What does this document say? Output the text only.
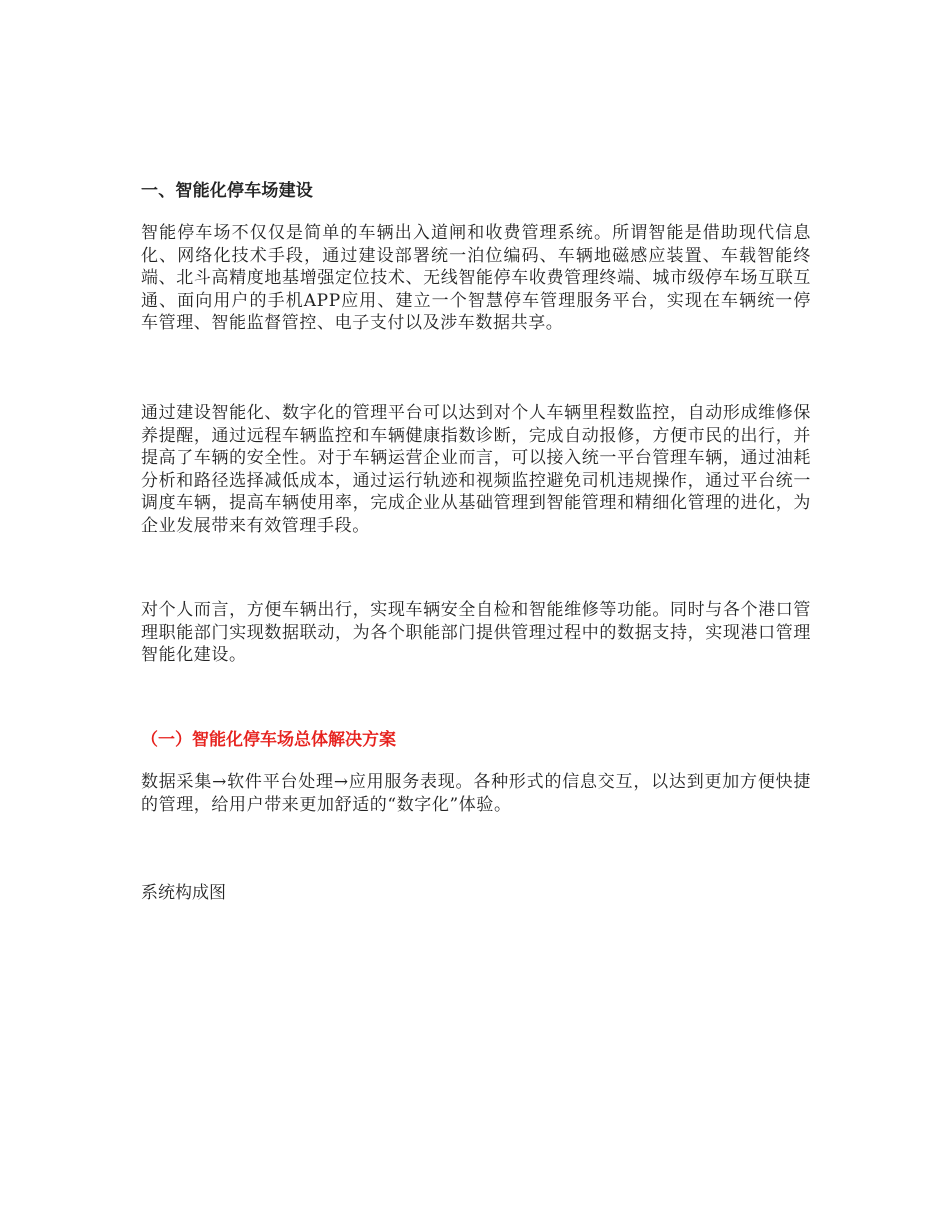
一、智能化停车场建设

智能停车场不仅仅是简单的车辆出入道闸和收费管理系统。所谓智能是借助现代信息化、网络化技术手段，通过建设部署统一泊位编码、车辆地磁感应装置、车载智能终端、北斗高精度地基增强定位技术、无线智能停车收费管理终端、城市级停车场互联互通、面向用户的手机APP应用、建立一个智慧停车管理服务平台，实现在车辆统一停车管理、智能监督管控、电子支付以及涉车数据共享。

通过建设智能化、数字化的管理平台可以达到对个人车辆里程数监控，自动形成维修保养提醒，通过远程车辆监控和车辆健康指数诊断，完成自动报修，方便市民的出行，并提高了车辆的安全性。对于车辆运营企业而言，可以接入统一平台管理车辆，通过油耗分析和路径选择减低成本，通过运行轨迹和视频监控避免司机违规操作，通过平台统一调度车辆，提高车辆使用率，完成企业从基础管理到智能管理和精细化管理的进化，为企业发展带来有效管理手段。

对个人而言，方便车辆出行，实现车辆安全自检和智能维修等功能。同时与各个港口管理职能部门实现数据联动，为各个职能部门提供管理过程中的数据支持，实现港口管理智能化建设。

（一）智能化停车场总体解决方案

数据采集→软件平台处理→应用服务表现。各种形式的信息交互，以达到更加方便快捷的管理，给用户带来更加舒适的“数字化”体验。

系统构成图
